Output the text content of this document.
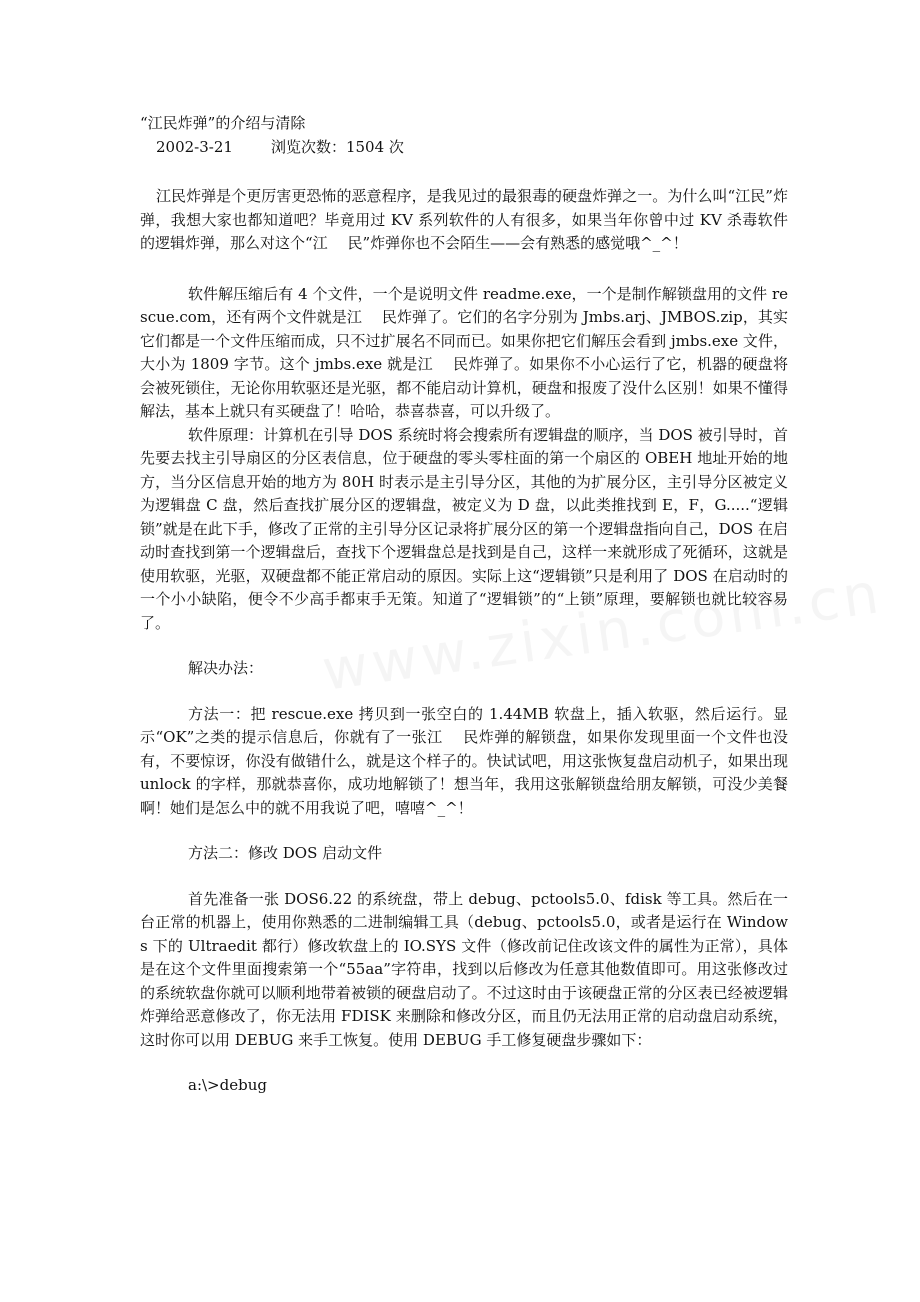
“江民炸弹”的介绍与清除
2002-3-21	浏览次数：1504 次

江民炸弹是个更厉害更恐怖的恶意程序，是我见过的最狠毒的硬盘炸弹之一。为什么叫“江民”炸弹，我想大家也都知道吧？毕竟用过 KV 系列软件的人有很多，如果当年你曾中过 KV 杀毒软件的逻辑炸弹，那么对这个“江　 民”炸弹你也不会陌生——会有熟悉的感觉哦^_^！

软件解压缩后有 4 个文件，一个是说明文件 readme.exe，一个是制作解锁盘用的文件 rescue.com，还有两个文件就是江　 民炸弹了。它们的名字分别为 Jmbs.arj、JMBOS.zip，其实它们都是一个文件压缩而成，只不过扩展名不同而已。如果你把它们解压会看到 jmbs.exe 文件，大小为 1809 字节。这个 jmbs.exe 就是江　 民炸弹了。如果你不小心运行了它，机器的硬盘将会被死锁住，无论你用软驱还是光驱，都不能启动计算机，硬盘和报废了没什么区别！如果不懂得解法，基本上就只有买硬盘了！哈哈，恭喜恭喜，可以升级了。

软件原理：计算机在引导 DOS 系统时将会搜索所有逻辑盘的顺序，当 DOS 被引导时，首先要去找主引导扇区的分区表信息，位于硬盘的零头零柱面的第一个扇区的 OBEH 地址开始的地方，当分区信息开始的地方为 80H 时表示是主引导分区，其他的为扩展分区，主引导分区被定义为逻辑盘 C 盘，然后查找扩展分区的逻辑盘，被定义为 D 盘，以此类推找到 E，F，G.....“逻辑锁”就是在此下手，修改了正常的主引导分区记录将扩展分区的第一个逻辑盘指向自己，DOS 在启动时查找到第一个逻辑盘后，查找下个逻辑盘总是找到是自己，这样一来就形成了死循环，这就是使用软驱，光驱，双硬盘都不能正常启动的原因。实际上这“逻辑锁”只是利用了 DOS 在启动时的一个小小缺陷，便令不少高手都束手无策。知道了“逻辑锁”的“上锁”原理，要解锁也就比较容易了。

解决办法：

方法一：把 rescue.exe 拷贝到一张空白的 1.44MB 软盘上，插入软驱，然后运行。显示“OK”之类的提示信息后，你就有了一张江　 民炸弹的解锁盘，如果你发现里面一个文件也没有，不要惊讶，你没有做错什么，就是这个样子的。快试试吧，用这张恢复盘启动机子，如果出现 unlock 的字样，那就恭喜你，成功地解锁了！想当年，我用这张解锁盘给朋友解锁，可没少美餐啊！她们是怎么中的就不用我说了吧，嘻嘻^_^！

方法二：修改 DOS 启动文件

首先准备一张 DOS6.22 的系统盘，带上 debug、pctools5.0、fdisk 等工具。然后在一台正常的机器上，使用你熟悉的二进制编辑工具（debug、pctools5.0，或者是运行在 Windows 下的 Ultraedit 都行）修改软盘上的 IO.SYS 文件（修改前记住改该文件的属性为正常），具体是在这个文件里面搜索第一个“55aa”字符串，找到以后修改为任意其他数值即可。用这张修改过的系统软盘你就可以顺利地带着被锁的硬盘启动了。不过这时由于该硬盘正常的分区表已经被逻辑炸弹给恶意修改了，你无法用 FDISK 来删除和修改分区，而且仍无法用正常的启动盘启动系统，这时你可以用 DEBUG 来手工恢复。使用 DEBUG 手工修复硬盘步骤如下：

a:\>debug
